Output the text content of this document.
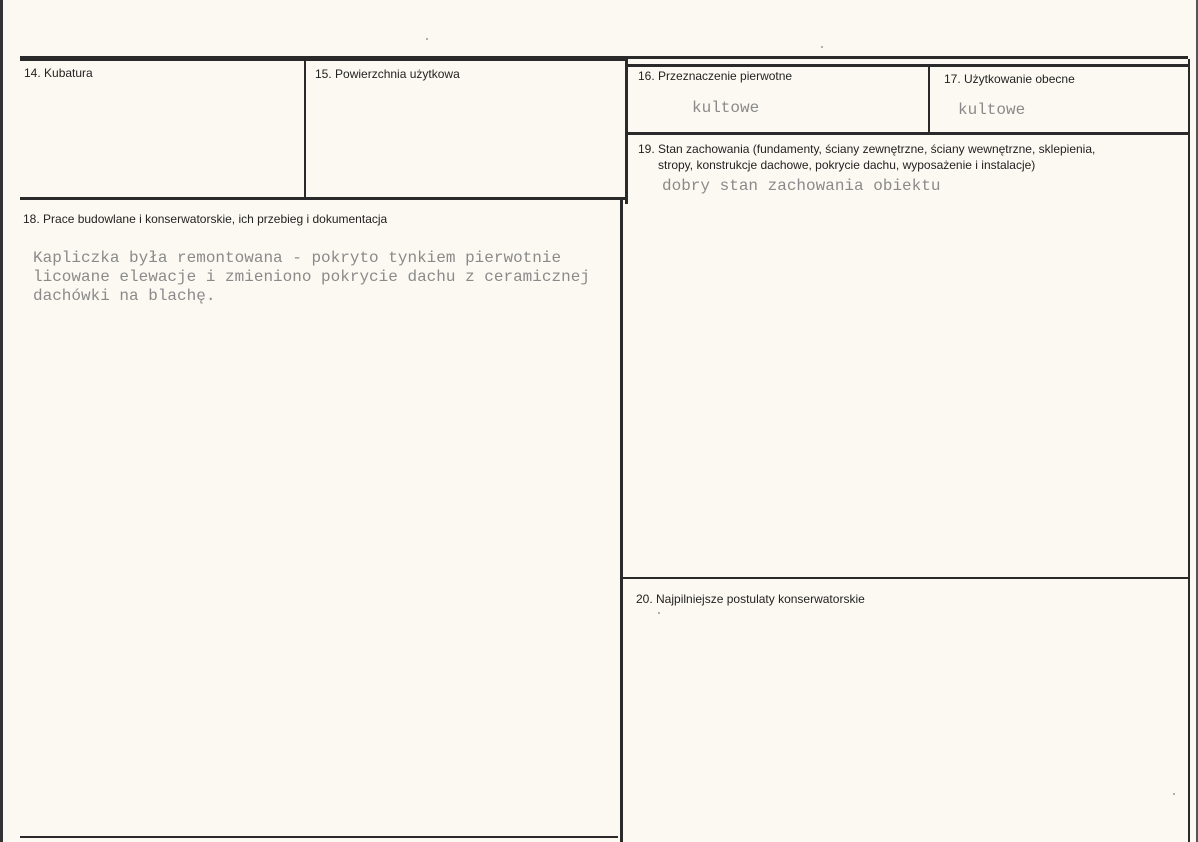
14. Kubatura	15. Powierzchnia użytkowa	16. Przeznaczenie pierwotne
kultowe
17. Użytkowanie obecne
kultowe
19. Stan zachowania (fundamenty, ściany zewnętrzne, ściany wewnętrzne, sklepienia,
stropy, konstrukcje dachowe, pokrycie dachu, wyposażenie i instalacje)
dobry stan zachowania obiektu
18. Prace budowlane i konserwatorskie, ich przebieg i dokumentacja
Kapliczka była remontowana - pokryto tynkiem pierwotnie
licowane elewacje i zmieniono pokrycie dachu z ceramicznej
dachówki na blachę.
20. Najpilniejsze postulaty konserwatorskie
